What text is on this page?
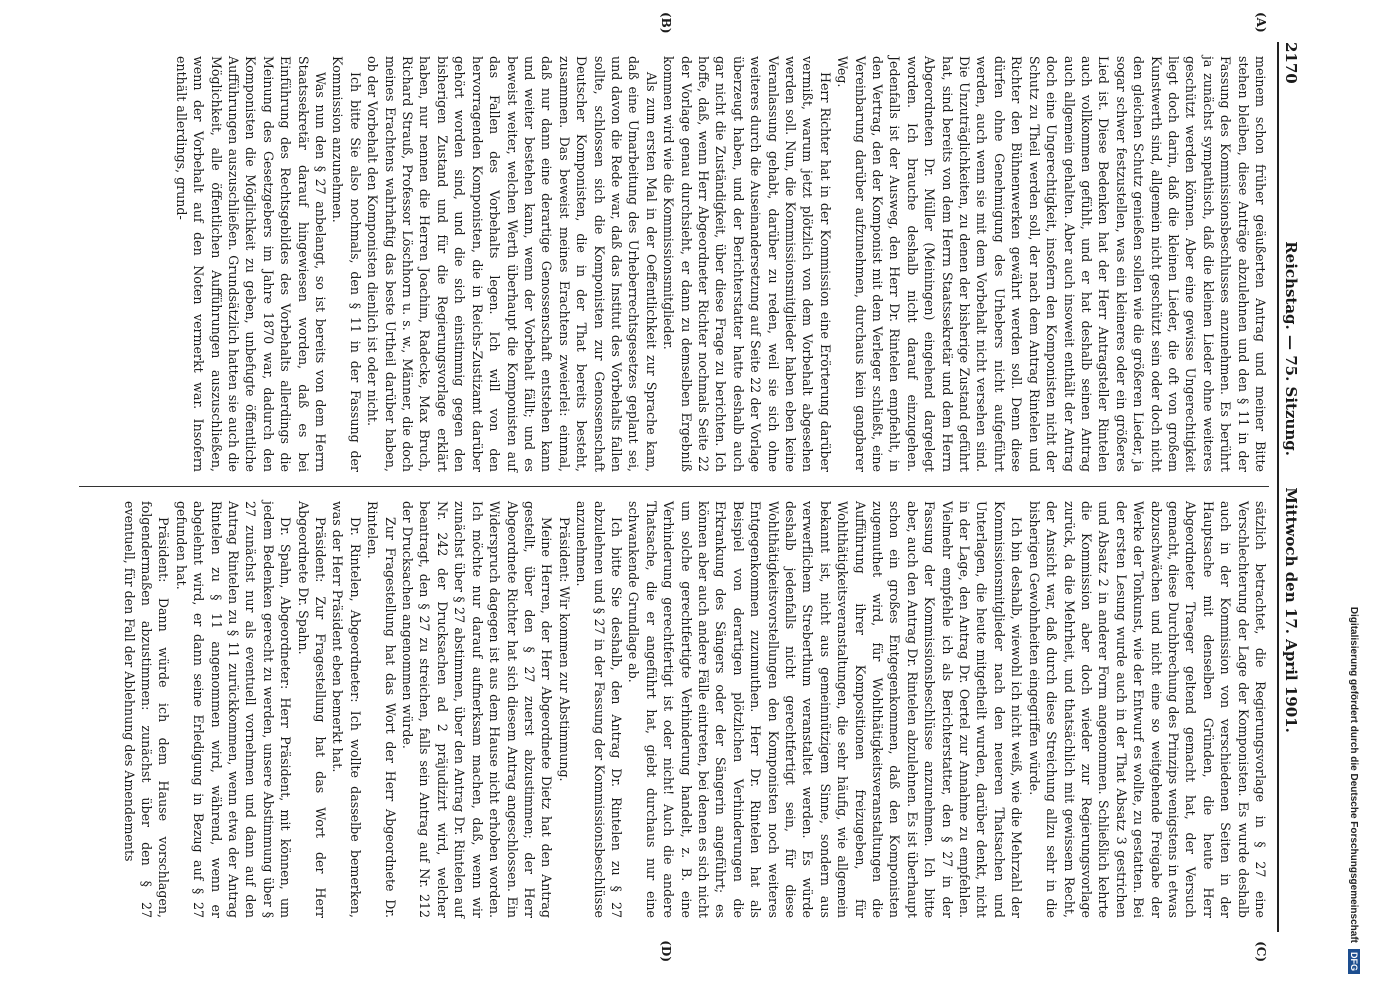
2170
Reichstag. — 75. Sitzung.      Mittwoch den 17. April 1901.
(A)
(B)

meinem schon früher geäußerten Antrag und meiner Bitte stehen bleiben, diese Anträge abzulehnen und den § 11 in der Fassung des Kommissionsbeschlusses anzunehmen. Es berührt ja zunächst sympathisch, daß die kleinen Lieder ohne weiteres geschützt werden können. Aber eine gewisse Ungerechtigkeit liegt doch darin, daß die kleinen Lieder, die oft von großem Kunstwerth sind, allgemein nicht geschützt sein oder doch nicht den gleichen Schutz genießen sollen wie die größeren Lieder, ja sogar schwer festzustellen, was ein kleineres oder ein größeres Lied ist. Diese Bedenken hat der Herr Antragsteller Rintelen auch vollkommen gefühlt, und er hat deshalb seinen Antrag auch allgemein gehalten. Aber auch insoweit enthält der Antrag doch eine Ungerechtigkeit, insofern den Komponisten nicht der Schutz zu Theil werden soll, der nach dem Antrag Rintelen und Richter den Bühnenwerken gewährt werden soll. Denn diese dürfen ohne Genehmigung des Urhebers nicht aufgeführt werden, auch wenn sie mit dem Vorbehalt nicht versehen sind. Die Unzuträglichkeiten, zu denen der bisherige Zustand geführt hat, sind bereits von dem Herrn Staatssekretär und dem Herrn Abgeordneten Dr. Müller (Meiningen) eingehend dargelegt worden. Ich brauche deshalb nicht darauf einzugehen. Jedenfalls ist der Ausweg, den Herr Dr. Rintelen empfiehlt, in den Vertrag, den der Komponist mit dem Verleger schließt, eine Vereinbarung darüber aufzunehmen, durchaus kein gangbarer Weg.

Herr Richter hat in der Kommission eine Erörterung darüber vermißt, warum jetzt plötzlich von dem Vorbehalt abgesehen werden soll. Nun, die Kommissionsmitglieder haben eben keine Veranlassung gehabt, darüber zu reden, weil sie sich ohne weiteres durch die Auseinandersetzung auf Seite 22 der Vorlage überzeugt haben, und der Berichterstatter hatte deshalb auch gar nicht die Zuständigkeit, über diese Frage zu berichten. Ich hoffe, daß, wenn Herr Abgeordneter Richter nochmals Seite 22 der Vorlage genau durchsieht, er dann zu demselben Ergebniß kommen wird wie die Kommissionsmitglieder.

Als zum ersten Mal in der Oeffentlichkeit zur Sprache kam, daß eine Umarbeitung des Urheberrechtsgesetzes geplant sei, und davon die Rede war, daß das Institut des Vorbehalts fallen sollte, schlossen sich die Komponisten zur Genossenschaft Deutscher Komponisten, die in der That bereits besteht, zusammen. Das beweist meines Erachtens zweierlei: einmal, daß nur dann eine derartige Genossenschaft entstehen kann und weiter bestehen kann, wenn der Vorbehalt fällt; und es beweist weiter, welchen Werth überhaupt die Komponisten auf das Fallen des Vorbehalts legen. Ich will von den hervorragenden Komponisten, die in Reichs-Zustizamt darüber gehört worden sind, und die sich einstimmig gegen den bisherigen Zustand und für die Regierungsvorlage erklärt haben, nur nennen die Herren Joachim, Radecke, Max Bruch, Richard Strauß, Professor Löschhorn u. s. w., Männer, die doch meines Erachtens wahrhaftig das beste Urtheil darüber haben, ob der Vorbehalt den Komponisten dienlich ist oder nicht.

Ich bitte Sie also nochmals, den § 11 in der Fassung der Kommission anzunehmen.

Was nun den § 27 anbelangt, so ist bereits von dem Herrn Staatssekretär darauf hingewiesen worden, daß es bei Einführung des Rechtsgebildes des Vorbehalts allerdings die Meinung des Gesetzgebers im Jahre 1870 war, dadurch den Komponisten die Möglichkeit zu geben, unbefugte öffentliche Aufführungen auszuschließen. Grundsätzlich hatten sie auch die Möglichkeit, alle öffentlichen Aufführungen auszuschließen, wenn der Vorbehalt auf den Noten vermerkt war. Insofern enthält allerdings, grund-

(C)
(D)

sätzlich betrachtet, die Regierungsvorlage in § 27 eine Verschlechterung der Lage der Komponisten. Es wurde deshalb auch in der Kommission von verschiedenen Seiten in der Hauptsache mit denselben Gründen, die heute Herr Abgeordneter Traeger geltend gemacht hat, der Versuch gemacht, diese Durchbrechung des Prinzips wenigstens in etwas abzuschwächen und nicht eine so weitgehende Freigabe der Werke der Tonkunst, wie der Entwurf es wollte, zu gestatten. Bei der ersten Lesung wurde auch in der That Absatz 3 gestrichen und Absatz 2 in anderer Form angenommen. Schließlich kehrte die Kommission aber doch wieder zur Regierungsvorlage zurück, da die Mehrheit, und thatsächlich mit gewissem Recht, der Ansicht war, daß durch diese Streichung allzu sehr in die bisherigen Gewohnheiten eingegriffen würde.

Ich bin deshalb, wiewohl ich nicht weiß, wie die Mehrzahl der Kommissionsmitglieder nach den neueren Thatsachen und Unterlagen, die heute mitgetheilt wurden, darüber denkt, nicht in der Lage, den Antrag Dr. Oertel zur Annahme zu empfehlen. Vielmehr empfehle ich als Berichterstatter, den § 27 in der Fassung der Kommissionsbeschlüsse anzunehmen. Ich bitte aber, auch den Antrag Dr. Rintelen abzulehnen. Es ist überhaupt schon ein großes Entgegenkommen, daß den Komponisten zugemuthet wird, für Wohlthätigkeitsveranstaltungen die Aufführung ihrer Kompositionen freizugeben, für Wohlthätigkeitsveranstaltungen, die sehr häufig, wie allgemein bekannt ist, nicht aus gemeinnützigem Sinne, sondern aus verwerflichem Streberthum veranstaltet werden. Es würde deshalb jedenfalls nicht gerechtfertigt sein, für diese Wohlthätigkeitsvorstellungen den Komponisten noch weiteres Entgegenkommen zuzumuthen. Herr Dr. Rintelen hat als Beispiel von derartigen plötzlichen Verhinderungen die Erkrankung des Sängers oder der Sängerin angeführt; es können aber auch andere Fälle eintreten, bei denen es sich nicht um solche gerechtfertigte Verhinderung handelt, z. B. eine Verhinderung gerechtfertigt ist oder nicht! Auch die andere Thatsache, die er angeführt hat, giebt durchaus nur eine schwankende Grundlage ab.

Ich bitte Sie deshalb, den Antrag Dr. Rintelen zu § 27 abzulehnen und § 27 in der Fassung der Kommissionsbeschlüsse anzunehmen.

Präsident: Wir kommen zur Abstimmung.

Meine Herren, der Herr Abgeordnete Dietz hat den Antrag gestellt, über den § 27 zuerst abzustimmen; der Herr Abgeordnete Richter hat sich diesem Antrag angeschlossen. Ein Widerspruch dagegen ist aus dem Hause nicht erhoben worden. Ich möchte nur darauf aufmerksam machen, daß, wenn wir zunächst über § 27 abstimmen, über den Antrag Dr. Rintelen auf Nr. 242 der Drucksachen ad 2 präjudizirt wird, welcher beantragt, den § 27 zu streichen, falls sein Antrag auf Nr. 212 der Drucksachen angenommen würde.

Zur Fragestellung hat das Wort der Herr Abgeordnete Dr. Rintelen.

Dr. Rintelen, Abgeordneter: Ich wollte dasselbe bemerken, was der Herr Präsident eben bemerkt hat.

Präsident: Zur Fragestellung hat das Wort der Herr Abgeordnete Dr. Spahn.

Dr. Spahn, Abgeordneter: Herr Präsident, mit können, um jedem Bedenken gerecht zu werden, unsere Abstimmung über § 27 zunächst nur als eventuell vornehmen und dann auf den Antrag Rintelen zu § 11 zurückkommen, wenn etwa der Antrag Rintelen zu § 11 angenommen wird, während, wenn er abgelehnt wird, er dann seine Erledigung in Bezug auf § 27 gefunden hat.

Präsident: Dann würde ich dem Hause vorschlagen, folgendermaßen abzustimmen: zunächst über den § 27 eventuell, für den Fall der Ablehnung des Amendements	Digitalisierung gefördert durch die Deutsche Forschungsgemeinschaft
DFG
